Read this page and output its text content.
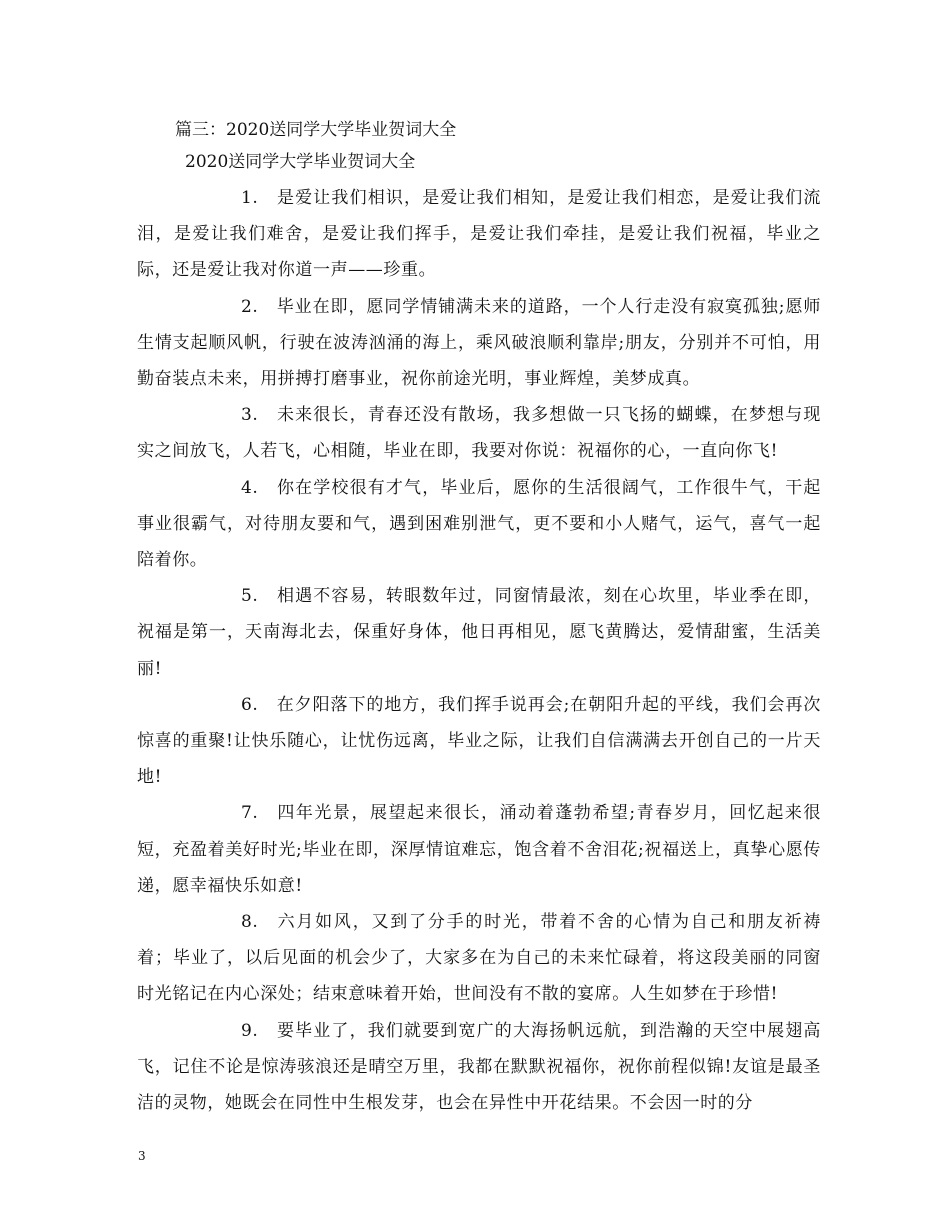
篇三：2020送同学大学毕业贺词大全
2020送同学大学毕业贺词大全

1. 是爱让我们相识，是爱让我们相知，是爱让我们相恋，是爱让我们流泪，是爱让我们难舍，是爱让我们挥手，是爱让我们牵挂，是爱让我们祝福，毕业之际，还是爱让我对你道一声——珍重。

2. 毕业在即，愿同学情铺满未来的道路，一个人行走没有寂寞孤独;愿师生情支起顺风帆，行驶在波涛汹涌的海上，乘风破浪顺利靠岸;朋友，分别并不可怕，用勤奋装点未来，用拼搏打磨事业，祝你前途光明，事业辉煌，美梦成真。

3. 未来很长，青春还没有散场，我多想做一只飞扬的蝴蝶，在梦想与现实之间放飞，人若飞，心相随，毕业在即，我要对你说：祝福你的心，一直向你飞!

4. 你在学校很有才气，毕业后，愿你的生活很阔气，工作很牛气，干起事业很霸气，对待朋友要和气，遇到困难别泄气，更不要和小人赌气，运气，喜气一起陪着你。

5. 相遇不容易，转眼数年过，同窗情最浓，刻在心坎里，毕业季在即，祝福是第一，天南海北去，保重好身体，他日再相见，愿飞黄腾达，爱情甜蜜，生活美丽!

6. 在夕阳落下的地方，我们挥手说再会;在朝阳升起的平线，我们会再次惊喜的重聚!让快乐随心，让忧伤远离，毕业之际，让我们自信满满去开创自己的一片天地!

7. 四年光景，展望起来很长，涌动着蓬勃希望;青春岁月，回忆起来很短，充盈着美好时光;毕业在即，深厚情谊难忘，饱含着不舍泪花;祝福送上，真挚心愿传递，愿幸福快乐如意!

8. 六月如风，又到了分手的时光，带着不舍的心情为自己和朋友祈祷着；毕业了，以后见面的机会少了，大家多在为自己的未来忙碌着，将这段美丽的同窗时光铭记在内心深处；结束意味着开始，世间没有不散的宴席。人生如梦在于珍惜!

9. 要毕业了，我们就要到宽广的大海扬帆远航，到浩瀚的天空中展翅高飞，记住不论是惊涛骇浪还是晴空万里，我都在默默祝福你，祝你前程似锦!友谊是最圣洁的灵物，她既会在同性中生根发芽，也会在异性中开花结果。不会因一时的分

3
